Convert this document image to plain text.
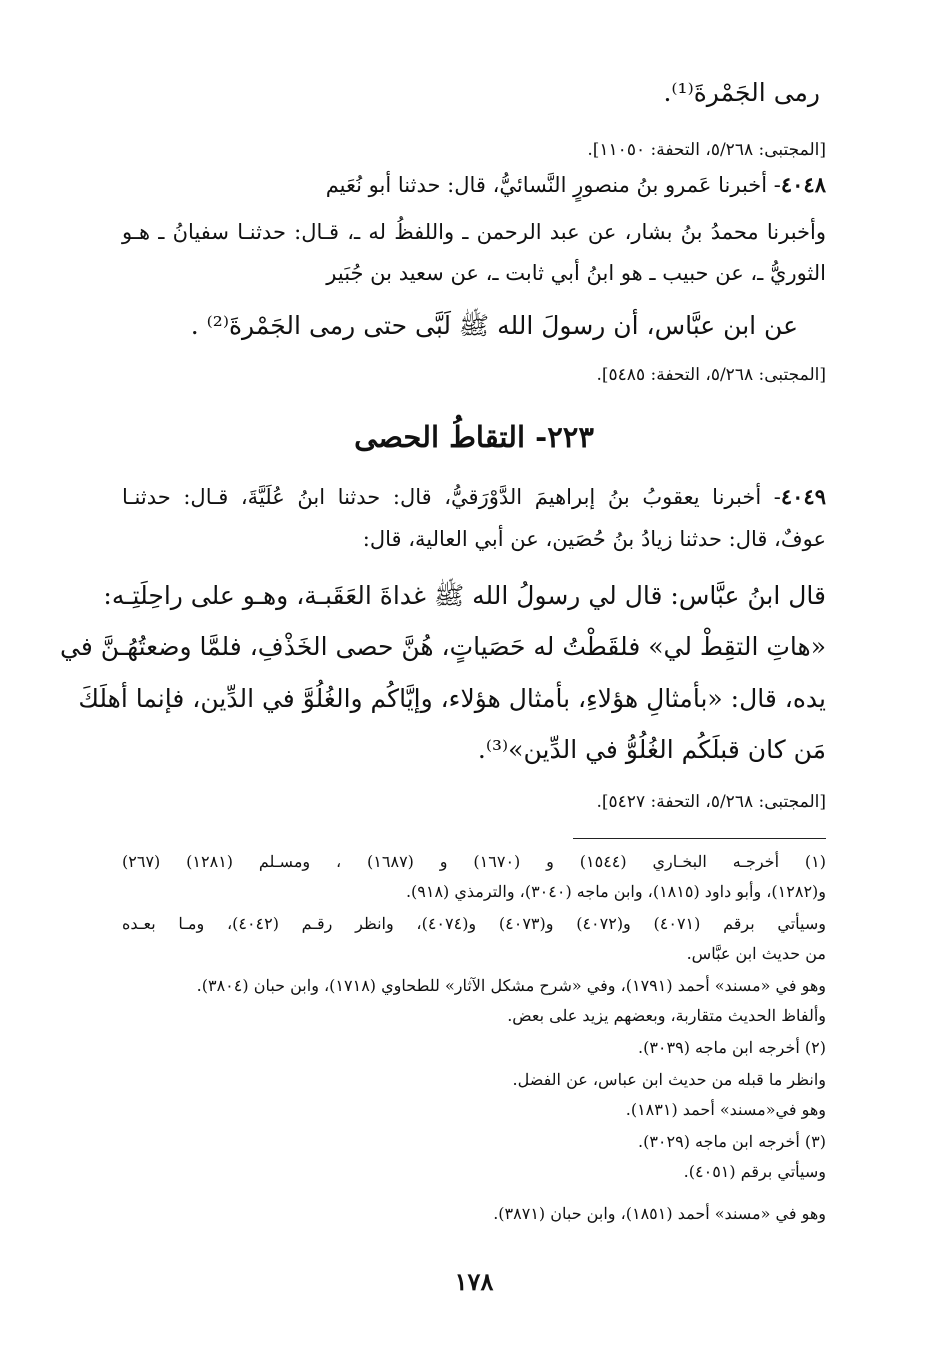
رمى الجَمْرةَ⁽¹⁾.
[المجتبى: ٥/٢٦٨، التحفة: ١١٠٥٠].
٤٠٤٨- أخبرنا عَمرو بنُ منصورٍ النَّسائيُّ، قال: حدثنا أبو نُعَيم
وأخبرنا محمدُ بنُ بشار، عن عبد الرحمن ـ واللفظُ له ـ، قـال: حدثنـا سفيانُ ـ هـو
الثوريُّ ـ، عن حبيب ـ هو ابنُ أبي ثابت ـ، عن سعيد بن جُبَير
عن ابن عبَّاس، أن رسولَ الله ﷺ لَبَّى حتى رمى الجَمْرةَ⁽²⁾ .
[المجتبى: ٥/٢٦٨، التحفة: ٥٤٨٥].
٢٢٣- التقاطُ الحصى
٤٠٤٩- أخبرنا يعقوبُ بنُ إبراهيمَ الدَّوْرَقيُّ، قال: حدثنا ابنُ عُلَيَّةَ، قـال: حدثنـا
عوفٌ، قال: حدثنا زيادُ بنُ حُصَين، عن أبي العالية، قال:
قال ابنُ عبَّاس: قال لي رسولُ الله ﷺ غداةَ العَقَبـة، وهـو على راحِلَتِـه:
«هاتِ التقِطْ لي» فلقَطْتُ له حَصَياتٍ، هُنَّ حصى الخَذْفِ، فلمَّا وضعتُهُـنَّ في
يده، قال: «بأمثالِ هؤلاءِ، بأمثال هؤلاء، وإيَّاكُم والغُلُوَّ في الدِّين، فإنما أهلَكَ
مَن كان قبلَكُم الغُلُوُّ في الدِّين»⁽³⁾.
[المجتبى: ٥/٢٦٨، التحفة: ٥٤٢٧].
(١) أخرجـه البخـاري (١٥٤٤) و (١٦٧٠) و (١٦٨٧) ، ومسـلم (١٢٨١) (٢٦٧)
و(١٢٨٢)، وأبو داود (١٨١٥)، وابن ماجه (٣٠٤٠)، والترمذي (٩١٨).
وسيأتي برقم (٤٠٧١) و(٤٠٧٢) و(٤٠٧٣) و(٤٠٧٤)، وانظر رقـم (٤٠٤٢)، ومـا بعـده
من حديث ابن عبَّاس.
وهو في «مسند» أحمد (١٧٩١)، وفي «شرح مشكل الآثار» للطحاوي (١٧١٨)، وابن حبان (٣٨٠٤).
وألفاظ الحديث متقاربة، وبعضهم يزيد على بعض.
(٢) أخرجه ابن ماجه (٣٠٣٩).
وانظر ما قبله من حديث ابن عباس، عن الفضل.
وهو في«مسند» أحمد (١٨٣١).
(٣) أخرجه ابن ماجه (٣٠٢٩).
وسيأتي برقم (٤٠٥١).
وهو في «مسند» أحمد (١٨٥١)، وابن حبان (٣٨٧١).
١٧٨
